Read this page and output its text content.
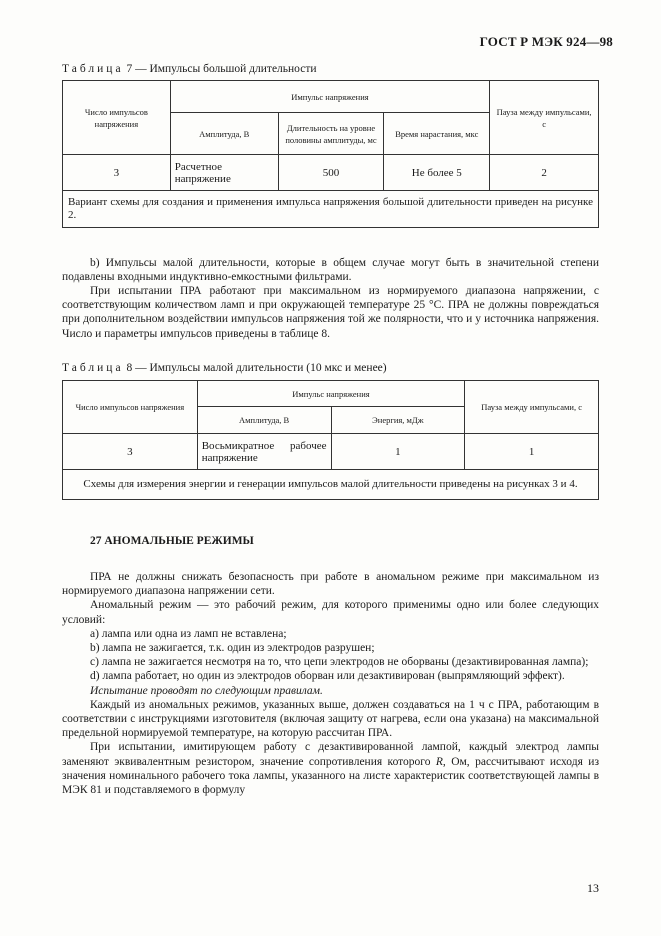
ГОСТ Р МЭК 924—98
Таблица 7 — Импульсы большой длительности
Число импульсов напряжения	Импульс напряжения			Пауза между импульсами, с
	Амплитуда, В	Длительность на уровне половины амплитуды, мс	Время нарастания, мкс	
3	Расчетное напряжение	500	Не более 5	2
Вариант схемы для создания и применения импульса напряжения большой длительности приведен на рисунке 2.				
b) Импульсы малой длительности, которые в общем случае могут быть в значительной степени подавлены входными индуктивно-емкостными фильтрами.
При испытании ПРА работают при максимальном из нормируемого диапазона напряжении, с соответствующим количеством ламп и при окружающей температуре 25 °С. ПРА не должны повреждаться при дополнительном воздействии импульсов напряжения той же полярности, что и у источника напряжения. Число и параметры импульсов приведены в таблице 8.
Таблица 8 — Импульсы малой длительности (10 мкс и менее)
Число импульсов напряжения	Импульс напряжения		Пауза между импульсами, с
	Амплитуда, В	Энергия, мДж	
3	Восьмикратное рабочее напряжение	1	1
Схемы для измерения энергии и генерации импульсов малой длительности приведены на рисунках 3 и 4.			
27 АНОМАЛЬНЫЕ РЕЖИМЫ

ПРА не должны снижать безопасность при работе в аномальном режиме при максимальном из нормируемого диапазона напряжении сети.

Аномальный режим — это рабочий режим, для которого применимы одно или более следующих условий:

a) лампа или одна из ламп не вставлена;

b) лампа не зажигается, т.к. один из электродов разрушен;

c) лампа не зажигается несмотря на то, что цепи электродов не оборваны (дезактивированная лампа);

d) лампа работает, но один из электродов оборван или дезактивирован (выпрямляющий эффект).

Испытание проводят по следующим правилам.

Каждый из аномальных режимов, указанных выше, должен создаваться на 1 ч с ПРА, работающим в соответствии с инструкциями изготовителя (включая защиту от нагрева, если она указана) на максимальной предельной нормируемой температуре, на которую рассчитан ПРА.

При испытании, имитирующем работу с дезактивированной лампой, каждый электрод лампы заменяют эквивалентным резистором, значение сопротивления которого R, Ом, рассчитывают исходя из значения номинального рабочего тока лампы, указанного на листе характеристик соответствующей лампы в МЭК 81 и подставляемого в формулу

13
